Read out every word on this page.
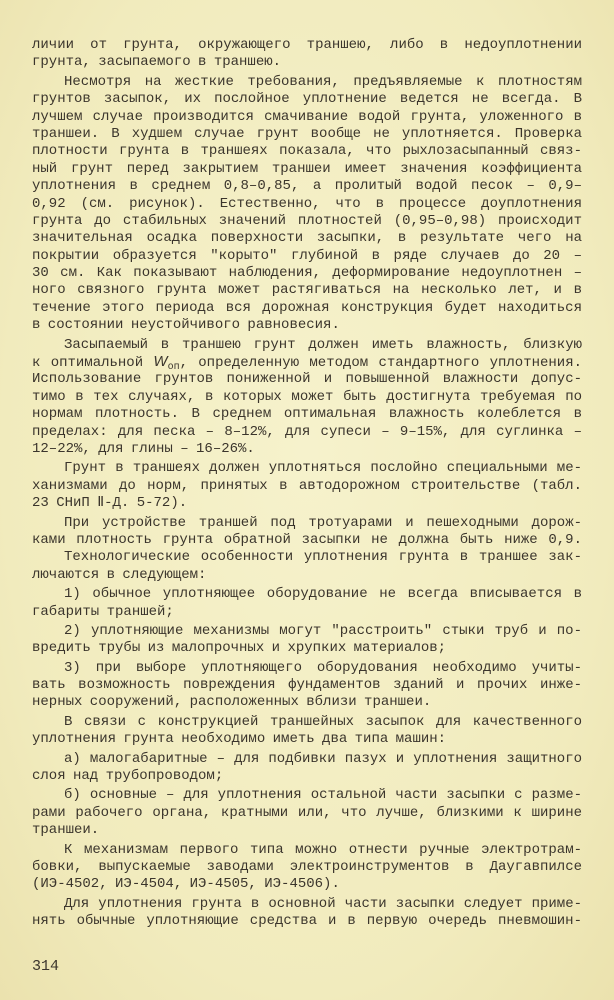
личии от грунта, окружающего траншею, либо в недоуплотнении
грунта, засыпаемого в траншею.
Несмотря на жесткие требования, предъявляемые к плотностям
грунтов засыпок, их послойное уплотнение ведется не всегда. В
лучшем случае производится смачивание водой грунта, уложенного в
траншеи. В худшем случае грунт вообще не уплотняется. Проверка
плотности грунта в траншеях показала, что рыхлозасыпанный связ-
ный грунт перед закрытием траншеи имеет значения коэффициента
уплотнения в среднем 0,8–0,85, а пролитый водой песок – 0,9–
0,92 (см. рисунок). Естественно, что в процессе доуплотнения
грунта до стабильных значений плотностей (0,95–0,98) происходит
значительная осадка поверхности засыпки, в результате чего на
покрытии образуется ″корыто″ глубиной в ряде случаев до 20 –
30 см. Как показывают наблюдения, деформирование недоуплотнен –
ного связного грунта может растягиваться на несколько лет, и в
течение этого периода вся дорожная конструкция будет находиться
в состоянии неустойчивого равновесия.
Засыпаемый в траншею грунт должен иметь влажность, близкую
к оптимальной $W_{оп}$, определенную методом стандартного уплотнения.
Использование грунтов пониженной и повышенной влажности допус-
тимо в тех случаях, в которых может быть достигнута требуемая по
нормам плотность. В среднем оптимальная влажность колеблется в
пределах: для песка – 8–12%, для супеси – 9–15%, для суглинка –
12–22%, для глины – 16–26%.
Грунт в траншеях должен уплотняться послойно специальными ме-
ханизмами до норм, принятых в автодорожном строительстве (табл.
23 СНиП Ⅱ-Д. 5-72).
При устройстве траншей под тротуарами и пешеходными дорож-
ками плотность грунта обратной засыпки не должна быть ниже 0,9.
Технологические особенности уплотнения грунта в траншее зак-
лючаются в следующем:
1) обычное уплотняющее оборудование не всегда вписывается в
габариты траншей;
2) уплотняющие механизмы могут ″расстроить″ стыки труб и по-
вредить трубы из малопрочных и хрупких материалов;
3) при выборе уплотняющего оборудования необходимо учиты-
вать возможность повреждения фундаментов зданий и прочих инже-
нерных сооружений, расположенных вблизи траншеи.
В связи с конструкцией траншейных засыпок для качественного
уплотнения грунта необходимо иметь два типа машин:
а) малогабаритные – для подбивки пазух и уплотнения защитного
слоя над трубопроводом;
б) основные – для уплотнения остальной части засыпки с разме-
рами рабочего органа, кратными или, что лучше, близкими к ширине
траншеи.
К механизмам первого типа можно отнести ручные электротрам-
бовки, выпускаемые заводами электроинструментов в Даугавпилсе
(ИЭ-4502, ИЭ-4504, ИЭ-4505, ИЭ-4506).
Для уплотнения грунта в основной части засыпки следует приме-
нять обычные уплотняющие средства и в первую очередь пневмошин-
314
